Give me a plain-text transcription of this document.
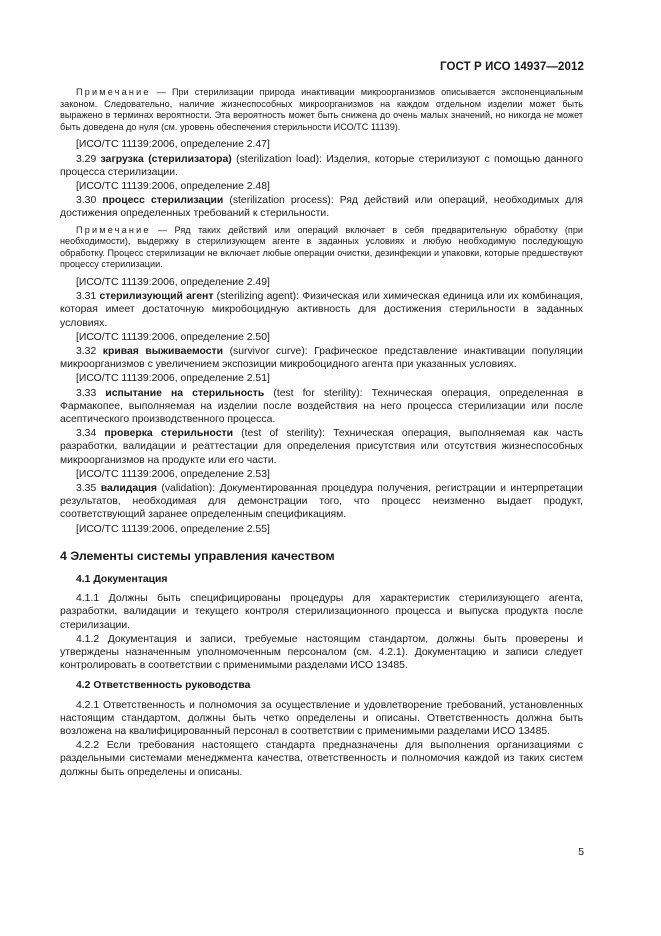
ГОСТ Р ИСО 14937—2012

Примечание — При стерилизации природа инактивации микроорганизмов описывается экспоненциальным законом. Следовательно, наличие жизнеспособных микроорганизмов на каждом отдельном изделии может быть выражено в терминах вероятности. Эта вероятность может быть снижена до очень малых значений, но никогда не может быть доведена до нуля (см. уровень обеспечения стерильности ИСО/ТС 11139).

[ИСО/ТС 11139:2006, определение 2.47]

3.29 загрузка (стерилизатора) (sterilization load): Изделия, которые стерилизуют с помощью данного процесса стерилизации.

[ИСО/ТС 11139:2006, определение 2.48]

3.30 процесс стерилизации (sterilization process): Ряд действий или операций, необходимых для достижения определенных требований к стерильности.

Примечание — Ряд таких действий или операций включает в себя предварительную обработку (при необходимости), выдержку в стерилизующем агенте в заданных условиях и любую необходимую последующую обработку. Процесс стерилизации не включает любые операции очистки, дезинфекции и упаковки, которые предшествуют процессу стерилизации.

[ИСО/ТС 11139:2006, определение 2.49]

3.31 стерилизующий агент (sterilizing agent): Физическая или химическая единица или их комбинация, которая имеет достаточную микробоцидную активность для достижения стерильности в заданных условиях.

[ИСО/ТС 11139:2006, определение 2.50]

3.32 кривая выживаемости (survivor curve): Графическое представление инактивации популяции микроорганизмов с увеличением экспозиции микробоцидного агента при указанных условиях.

[ИСО/ТС 11139:2006, определение 2.51]

3.33 испытание на стерильность (test for sterility): Техническая операция, определенная в Фармакопее, выполняемая на изделии после воздействия на него процесса стерилизации или после асептического производственного процесса.

3.34 проверка стерильности (test of sterility): Техническая операция, выполняемая как часть разработки, валидации и реаттестации для определения присутствия или отсутствия жизнеспособных микроорганизмов на продукте или его части.

[ИСО/ТС 11139:2006, определение 2.53]

3.35 валидация (validation): Документированная процедура получения, регистрации и интерпретации результатов, необходимая для демонстрации того, что процесс неизменно выдает продукт, соответствующий заранее определенным спецификациям.

[ИСО/ТС 11139:2006, определение 2.55]

4 Элементы системы управления качеством
4.1 Документация

4.1.1 Должны быть специфицированы процедуры для характеристик стерилизующего агента, разработки, валидации и текущего контроля стерилизационного процесса и выпуска продукта после стерилизации.

4.1.2 Документация и записи, требуемые настоящим стандартом, должны быть проверены и утверждены назначенным уполномоченным персоналом (см. 4.2.1). Документацию и записи следует контролировать в соответствии с применимыми разделами ИСО 13485.

4.2 Ответственность руководства

4.2.1 Ответственность и полномочия за осуществление и удовлетворение требований, установленных настоящим стандартом, должны быть четко определены и описаны. Ответственность должна быть возложена на квалифицированный персонал в соответствии с применимыми разделами ИСО 13485.

4.2.2 Если требования настоящего стандарта предназначены для выполнения организациями с раздельными системами менеджмента качества, ответственность и полномочия каждой из таких систем должны быть определены и описаны.

5
